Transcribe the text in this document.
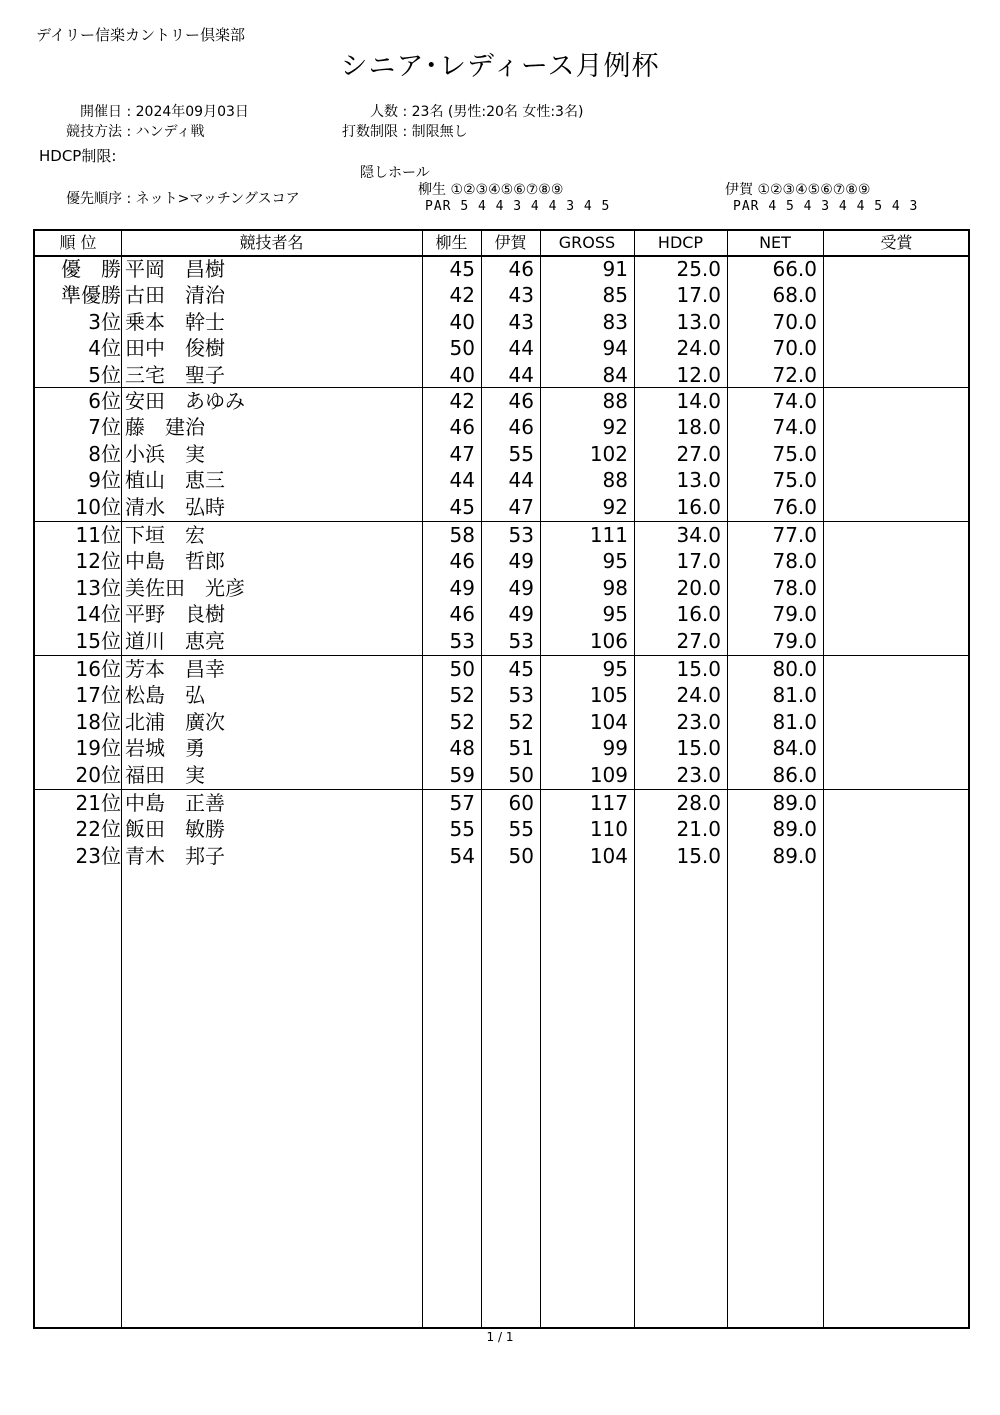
デイリー信楽カントリー倶楽部
シニア･レディース月例杯
開催日 : 2024年09月03日
競技方法 : ハンディ戦
HDCP制限:
優先順序 : ネット>マッチングスコア
人数 : 23名 (男性:20名 女性:3名)
打数制限 : 制限無し
隠しホール
柳生 ①②③④⑤⑥⑦⑧⑨
PAR 5 4 4 3 4 4 3 4 5
伊賀 ①②③④⑤⑥⑦⑧⑨
PAR 4 5 4 3 4 4 5 4 3
順 位	競技者名	柳生	伊賀	GROSS	HDCP	NET	受賞
優　勝 平岡　昌樹	45	46	91	25.0	66.0
準優勝 古田　清治	42	43	85	17.0	68.0
3位 乗本　幹士	40	43	83	13.0	70.0
4位 田中　俊樹	50	44	94	24.0	70.0
5位 三宅　聖子	40	44	84	12.0	72.0
6位 安田　あゆみ	42	46	88	14.0	74.0
7位 藤　建治	46	46	92	18.0	74.0
8位 小浜　実	47	55	102	27.0	75.0
9位 植山　恵三	44	44	88	13.0	75.0
10位 清水　弘時	45	47	92	16.0	76.0
11位 下垣　宏	58	53	111	34.0	77.0
12位 中島　哲郎	46	49	95	17.0	78.0
13位 美佐田　光彦	49	49	98	20.0	78.0
14位 平野　良樹	46	49	95	16.0	79.0
15位 道川　恵亮	53	53	106	27.0	79.0
16位 芳本　昌幸	50	45	95	15.0	80.0
17位 松島　弘	52	53	105	24.0	81.0
18位 北浦　廣次	52	52	104	23.0	81.0
19位 岩城　勇	48	51	99	15.0	84.0
20位 福田　実	59	50	109	23.0	86.0
21位 中島　正善	57	60	117	28.0	89.0
22位 飯田　敏勝	55	55	110	21.0	89.0
23位 青木　邦子	54	50	104	15.0	89.0
1 / 1
